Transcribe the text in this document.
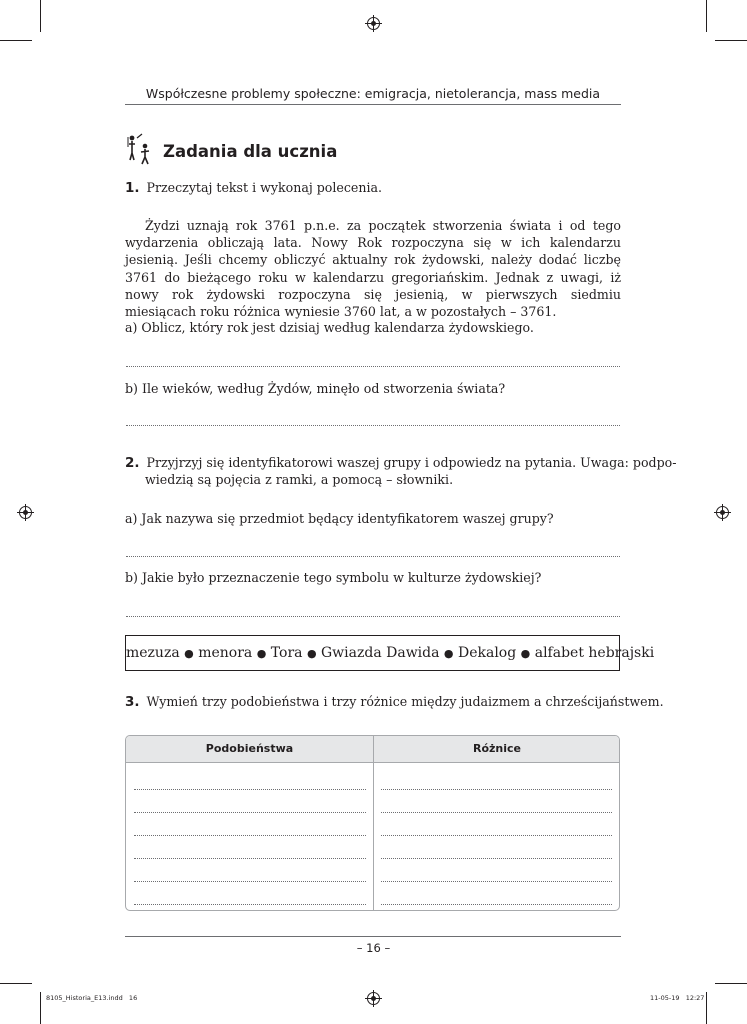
Współczesne problemy społeczne: emigracja, nietolerancja, mass media
Zadania dla ucznia
1. Przeczytaj tekst i wykonaj polecenia.
Żydzi uznają rok 3761 p.n.e. za początek stworzenia świata i od tego wydarzenia obliczają lata. Nowy Rok rozpoczyna się w ich kalendarzu jesienią. Jeśli chcemy obliczyć aktualny rok żydowski, należy dodać liczbę 3761 do bieżącego roku w kalendarzu gregoriańskim. Jednak z uwagi, iż nowy rok żydowski rozpoczyna się jesienią, w pierwszych siedmiu miesiącach roku różnica wyniesie 3760 lat, a w pozostałych – 3761.
a) Oblicz, który rok jest dzisiaj według kalendarza żydowskiego.
b) Ile wieków, według Żydów, minęło od stworzenia świata?
2. Przyjrzyj się identyfikatorowi waszej grupy i odpowiedz na pytania. Uwaga: podpo-
wiedzią są pojęcia z ramki, a pomocą – słowniki.
a) Jak nazywa się przedmiot będący identyfikatorem waszej grupy?
b) Jakie było przeznaczenie tego symbolu w kulturze żydowskiej?
mezuza ● menora ● Tora ● Gwiazda Dawida ● Dekalog ● alfabet hebrajski
3. Wymień trzy podobieństwa i trzy różnice między judaizmem a chrześcijaństwem.
Podobieństwa	Różnice
– 16 –
8105_Historia_E13.indd   16	11-05-19   12:27
